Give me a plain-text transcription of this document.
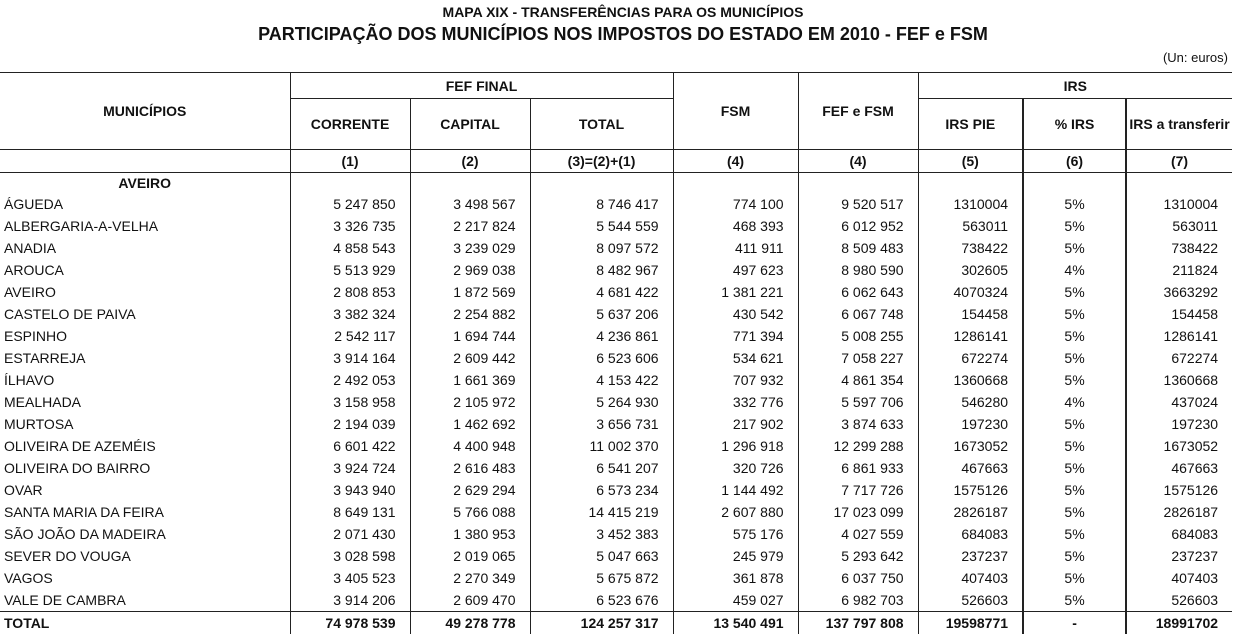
MAPA XIX - TRANSFERÊNCIAS PARA OS MUNICÍPIOS
PARTICIPAÇÃO DOS MUNICÍPIOS NOS IMPOSTOS DO ESTADO EM 2010 - FEF e FSM
(Un: euros)
MUNICÍPIOS	FEF FINAL			FSM	FEF e FSM	IRS		
	CORRENTE	CAPITAL	TOTAL			IRS PIE	% IRS	IRS a transferir
	(1)	(2)	(3)=(2)+(1)	(4)	(4)	(5)	(6)	(7)
AVEIRO								
ÁGUEDA	5 247 850	3 498 567	8 746 417	774 100	9 520 517	1310004	5%	1310004
ALBERGARIA-A-VELHA	3 326 735	2 217 824	5 544 559	468 393	6 012 952	563011	5%	563011
ANADIA	4 858 543	3 239 029	8 097 572	411 911	8 509 483	738422	5%	738422
AROUCA	5 513 929	2 969 038	8 482 967	497 623	8 980 590	302605	4%	211824
AVEIRO	2 808 853	1 872 569	4 681 422	1 381 221	6 062 643	4070324	5%	3663292
CASTELO DE PAIVA	3 382 324	2 254 882	5 637 206	430 542	6 067 748	154458	5%	154458
ESPINHO	2 542 117	1 694 744	4 236 861	771 394	5 008 255	1286141	5%	1286141
ESTARREJA	3 914 164	2 609 442	6 523 606	534 621	7 058 227	672274	5%	672274
ÍLHAVO	2 492 053	1 661 369	4 153 422	707 932	4 861 354	1360668	5%	1360668
MEALHADA	3 158 958	2 105 972	5 264 930	332 776	5 597 706	546280	4%	437024
MURTOSA	2 194 039	1 462 692	3 656 731	217 902	3 874 633	197230	5%	197230
OLIVEIRA DE AZEMÉIS	6 601 422	4 400 948	11 002 370	1 296 918	12 299 288	1673052	5%	1673052
OLIVEIRA DO BAIRRO	3 924 724	2 616 483	6 541 207	320 726	6 861 933	467663	5%	467663
OVAR	3 943 940	2 629 294	6 573 234	1 144 492	7 717 726	1575126	5%	1575126
SANTA MARIA DA FEIRA	8 649 131	5 766 088	14 415 219	2 607 880	17 023 099	2826187	5%	2826187
SÃO JOÃO DA MADEIRA	2 071 430	1 380 953	3 452 383	575 176	4 027 559	684083	5%	684083
SEVER DO VOUGA	3 028 598	2 019 065	5 047 663	245 979	5 293 642	237237	5%	237237
VAGOS	3 405 523	2 270 349	5 675 872	361 878	6 037 750	407403	5%	407403
VALE DE CAMBRA	3 914 206	2 609 470	6 523 676	459 027	6 982 703	526603	5%	526603
TOTAL	74 978 539	49 278 778	124 257 317	13 540 491	137 797 808	19598771	-	18991702
